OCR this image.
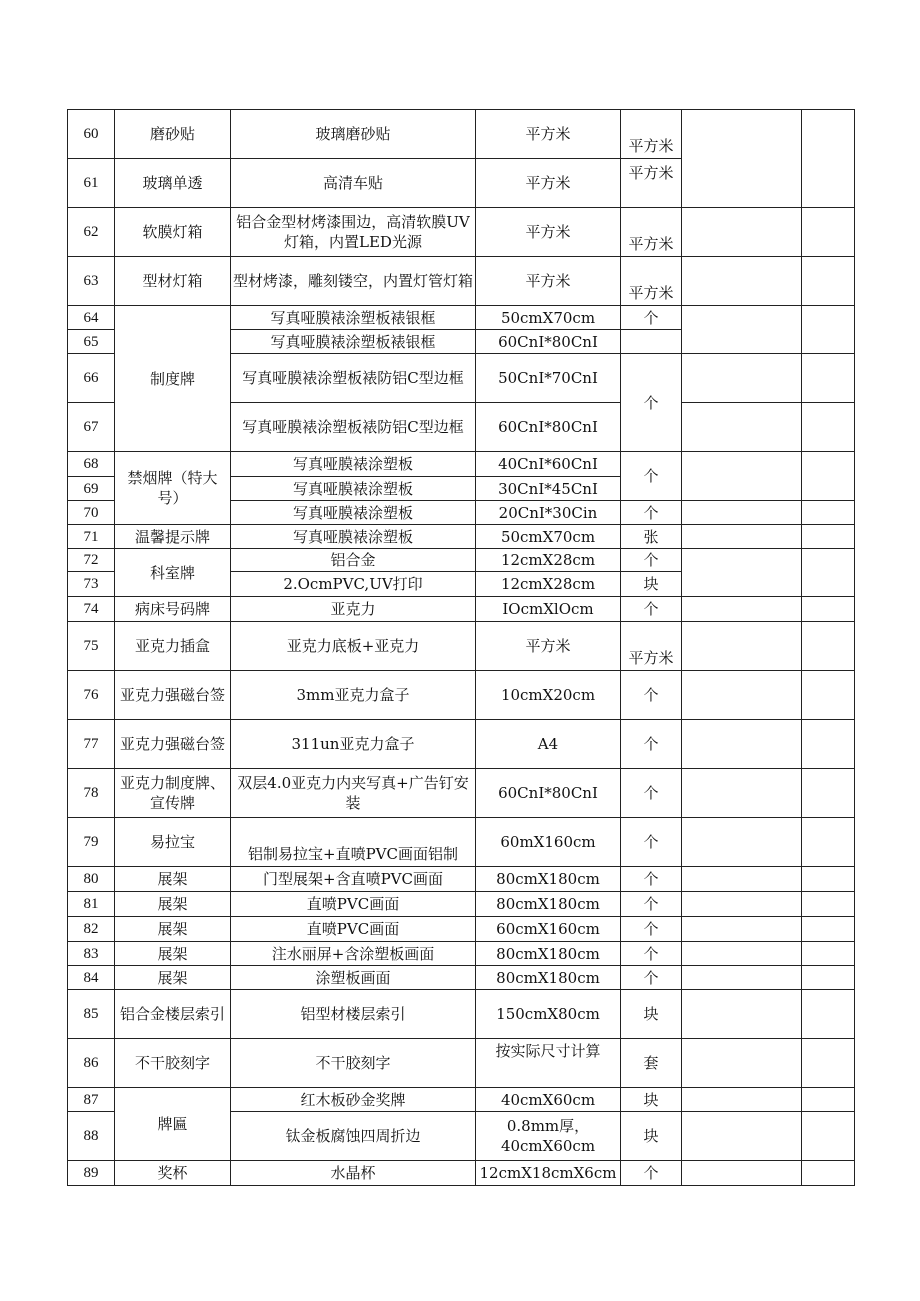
60	磨砂贴	玻璃磨砂贴	平方米	平方米		
61	玻璃单透	高清车贴	平方米	平方米		
62	软膜灯箱	铝合金型材烤漆围边，高清软膜UV灯箱，内置LED光源	平方米	平方米		
63	型材灯箱	型材烤漆，雕刻镂空，内置灯管灯箱	平方米	平方米		
64	制度牌	写真哑膜裱涂塑板裱银框	50cmX70cm	个		
65		写真哑膜裱涂塑板裱银框	60CnI*80CnI			
66		写真哑膜裱涂塑板裱防铝C型边框	50CnI*70CnI	个		
67		写真哑膜裱涂塑板裱防铝C型边框	60CnI*80CnI			
68	禁烟牌（特大号）	写真哑膜裱涂塑板	40CnI*60CnI	个		
69		写真哑膜裱涂塑板	30CnI*45CnI			
70		写真哑膜裱涂塑板	20CnI*30Cin	个		
71	温馨提示牌	写真哑膜裱涂塑板	50cmX70cm	张		
72	科室牌	铝合金	12cmX28cm	个		
73		2.OcmPVC,UV打印	12cmX28cm	块		
74	病床号码牌	亚克力	IOcmXlOcm	个		
75	亚克力插盒	亚克力底板+亚克力	平方米	平方米		
76	亚克力强磁台签	3mm亚克力盒子	10cmX20cm	个		
77	亚克力强磁台签	311un亚克力盒子	A4	个		
78	亚克力制度牌、宣传牌	双层4.0亚克力内夹写真+广告钉安装	60CnI*80CnI	个		
79	易拉宝	铝制易拉宝+直喷PVC画面铝制	60mX160cm	个		
80	展架	门型展架+含直喷PVC画面	80cmX180cm	个		
81	展架	直喷PVC画面	80cmX180cm	个		
82	展架	直喷PVC画面	60cmX160cm	个		
83	展架	注水丽屏+含涂塑板画面	80cmX180cm	个		
84	展架	涂塑板画面	80cmX180cm	个		
85	铝合金楼层索引	铝型材楼层索引	150cmX80cm	块		
86	不干胶刻字	不干胶刻字	按实际尺寸计算	套		
87	牌匾	红木板砂金奖牌	40cmX60cm	块		
88		钛金板腐蚀四周折边	0.8mm厚，40cmX60cm	块		
89	奖杯	水晶杯	12cmX18cmX6cm	个		
